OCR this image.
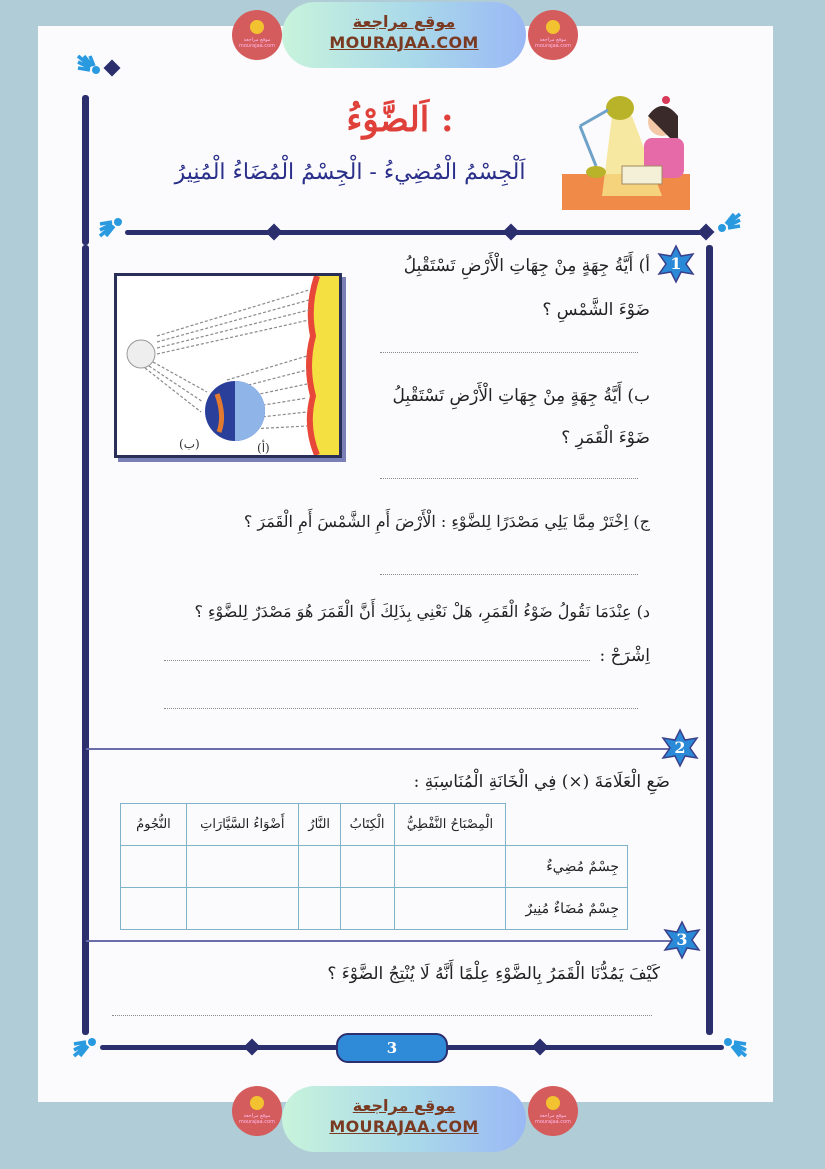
موقع مراجعة mourajaa.com
موقع مراجعة
MOURAJAA.COM	موقع مراجعة mourajaa.com
اَلضَّوْءُ :
اَلْجِسْمُ الْمُضِيءُ - الْجِسْمُ الْمُضَاءُ الْمُنِيرُ
1
(ب)	(أ)
أ) أَيَّةُ جِهَةٍ مِنْ جِهَاتِ الْأَرْضِ تَسْتَقْبِلُ
ضَوْءَ الشَّمْسِ ؟
ب) أَيَّةُ جِهَةٍ مِنْ جِهَاتِ الْأَرْضِ تَسْتَقْبِلُ
ضَوْءَ الْقَمَرِ ؟
ج) اِخْتَرْ مِمَّا يَلِي مَصْدَرًا لِلضَّوْءِ : الْأَرْضَ أَمِ الشَّمْسَ أَمِ الْقَمَرَ ؟
د) عِنْدَمَا نَقُولُ ضَوْءُ الْقَمَرِ، هَلْ نَعْنِي بِذَلِكَ أَنَّ الْقَمَرَ هُوَ مَصْدَرٌ لِلضَّوْءِ ؟
اِشْرَحْ :
2
ضَعِ الْعَلَامَةَ (×) فِي الْخَانَةِ الْمُنَاسِبَةِ :
	الْمِصْبَاحُ النَّفْطِيُّ	الْكِتَابُ	النَّارُ	أَضْوَاءُ السَّيَّارَاتِ	النُّجُومُ
جِسْمٌ مُضِيءٌ					
جِسْمٌ مُضَاءٌ مُنِيرٌ					
3
كَيْفَ يَمُدُّنَا الْقَمَرُ بِالضَّوْءِ عِلْمًا أَنَّهُ لَا يُنْتِجُ الضَّوْءَ ؟
3
موقع مراجعة mourajaa.com
موقع مراجعة
MOURAJAA.COM
موقع مراجعة mourajaa.com
